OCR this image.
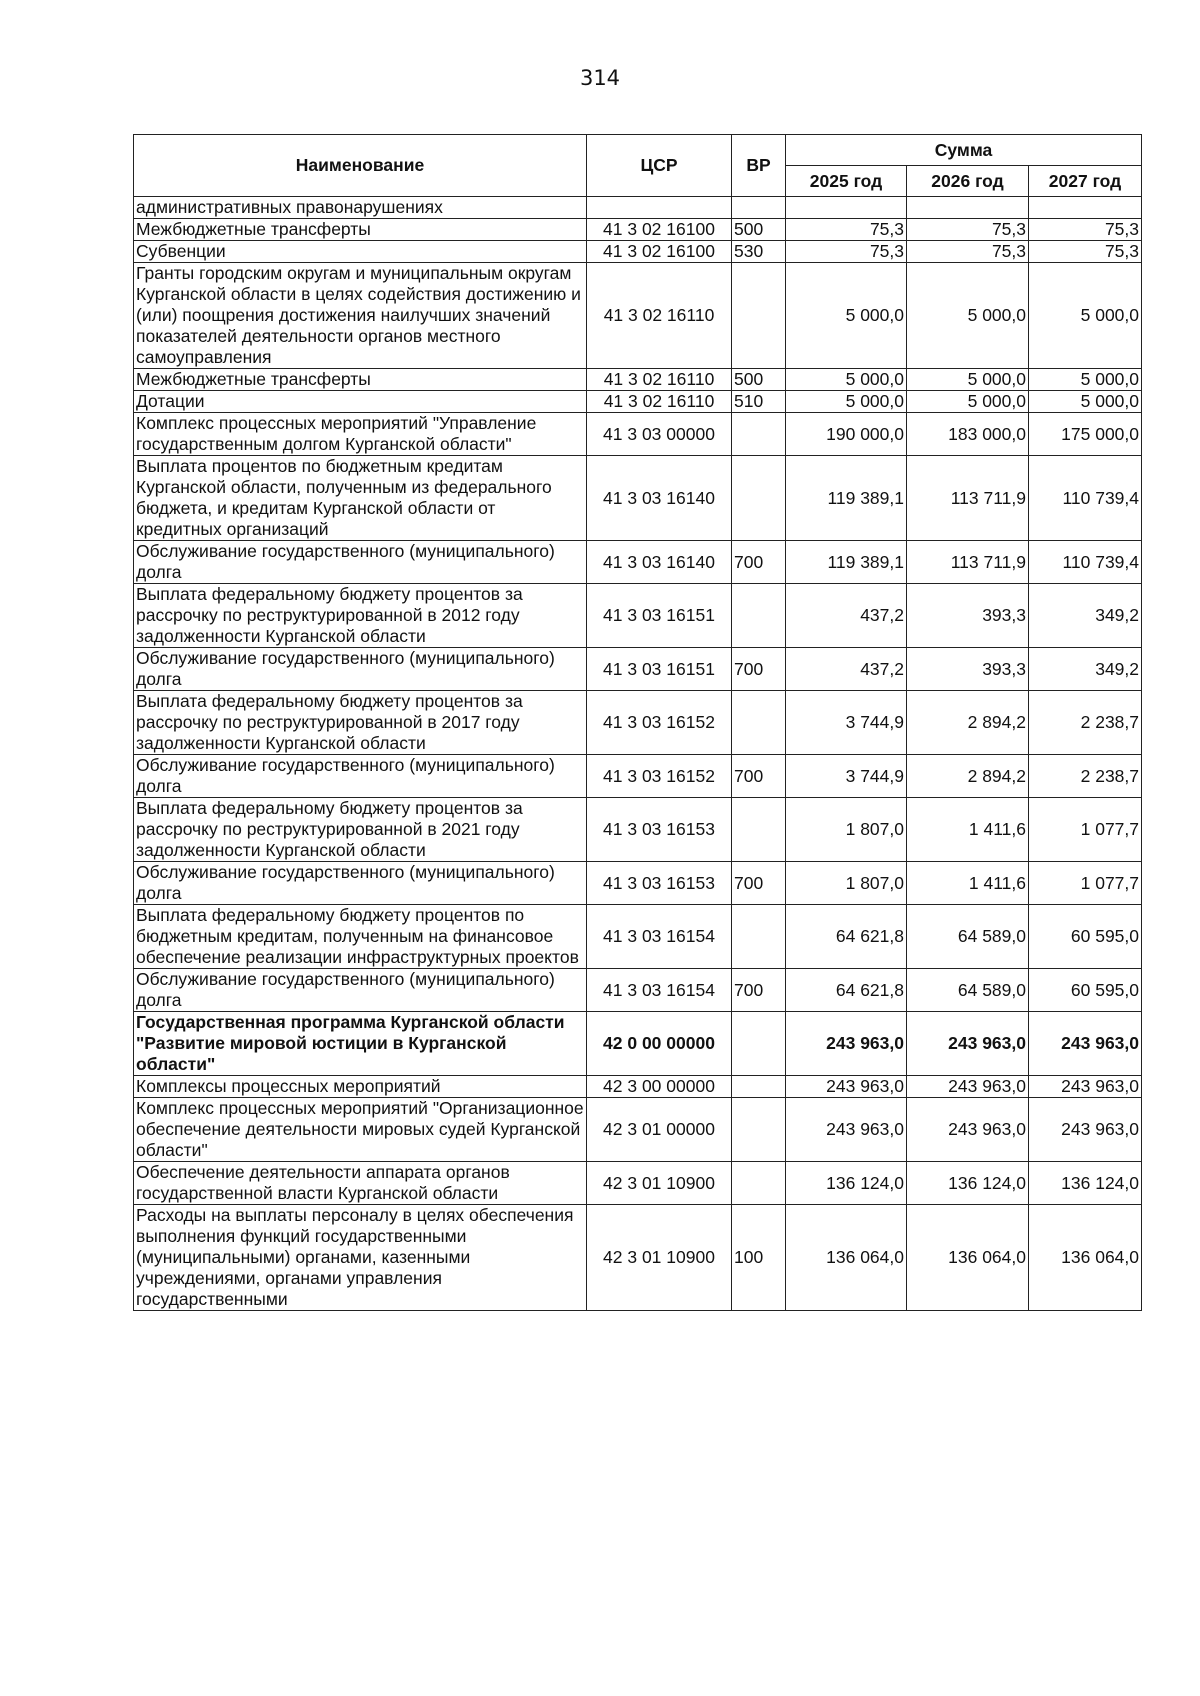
314
Наименование	ЦСР	ВР	Сумма		
			2025 год	2026 год	2027 год
административных правонарушениях					
Межбюджетные трансферты	41 3 02 16100	500	75,3	75,3	75,3
Субвенции	41 3 02 16100	530	75,3	75,3	75,3
Гранты городским округам и муниципальным округам Курганской области в целях содействия достижению и (или) поощрения достижения наилучших значений показателей деятельности органов местного самоуправления	41 3 02 16110		5 000,0	5 000,0	5 000,0
Межбюджетные трансферты	41 3 02 16110	500	5 000,0	5 000,0	5 000,0
Дотации	41 3 02 16110	510	5 000,0	5 000,0	5 000,0
Комплекс процессных мероприятий "Управление государственным долгом Курганской области"	41 3 03 00000		190 000,0	183 000,0	175 000,0
Выплата процентов по бюджетным кредитам Курганской области, полученным из федерального бюджета, и кредитам Курганской области от кредитных организаций	41 3 03 16140		119 389,1	113 711,9	110 739,4
Обслуживание государственного (муниципального) долга	41 3 03 16140	700	119 389,1	113 711,9	110 739,4
Выплата федеральному бюджету процентов за рассрочку по реструктурированной в 2012 году задолженности Курганской области	41 3 03 16151		437,2	393,3	349,2
Обслуживание государственного (муниципального) долга	41 3 03 16151	700	437,2	393,3	349,2
Выплата федеральному бюджету процентов за рассрочку по реструктурированной в 2017 году задолженности Курганской области	41 3 03 16152		3 744,9	2 894,2	2 238,7
Обслуживание государственного (муниципального) долга	41 3 03 16152	700	3 744,9	2 894,2	2 238,7
Выплата федеральному бюджету процентов за рассрочку по реструктурированной в 2021 году задолженности Курганской области	41 3 03 16153		1 807,0	1 411,6	1 077,7
Обслуживание государственного (муниципального) долга	41 3 03 16153	700	1 807,0	1 411,6	1 077,7
Выплата федеральному бюджету процентов по бюджетным кредитам, полученным на финансовое обеспечение реализации инфраструктурных проектов	41 3 03 16154		64 621,8	64 589,0	60 595,0
Обслуживание государственного (муниципального) долга	41 3 03 16154	700	64 621,8	64 589,0	60 595,0
Государственная программа Курганской области "Развитие мировой юстиции в Курганской области"	42 0 00 00000		243 963,0	243 963,0	243 963,0
Комплексы процессных мероприятий	42 3 00 00000		243 963,0	243 963,0	243 963,0
Комплекс процессных мероприятий "Организационное обеспечение деятельности мировых судей Курганской области"	42 3 01 00000		243 963,0	243 963,0	243 963,0
Обеспечение деятельности аппарата органов государственной власти Курганской области	42 3 01 10900		136 124,0	136 124,0	136 124,0
Расходы на выплаты персоналу в целях обеспечения выполнения функций государственными (муниципальными) органами, казенными учреждениями, органами управления государственными	42 3 01 10900	100	136 064,0	136 064,0	136 064,0
